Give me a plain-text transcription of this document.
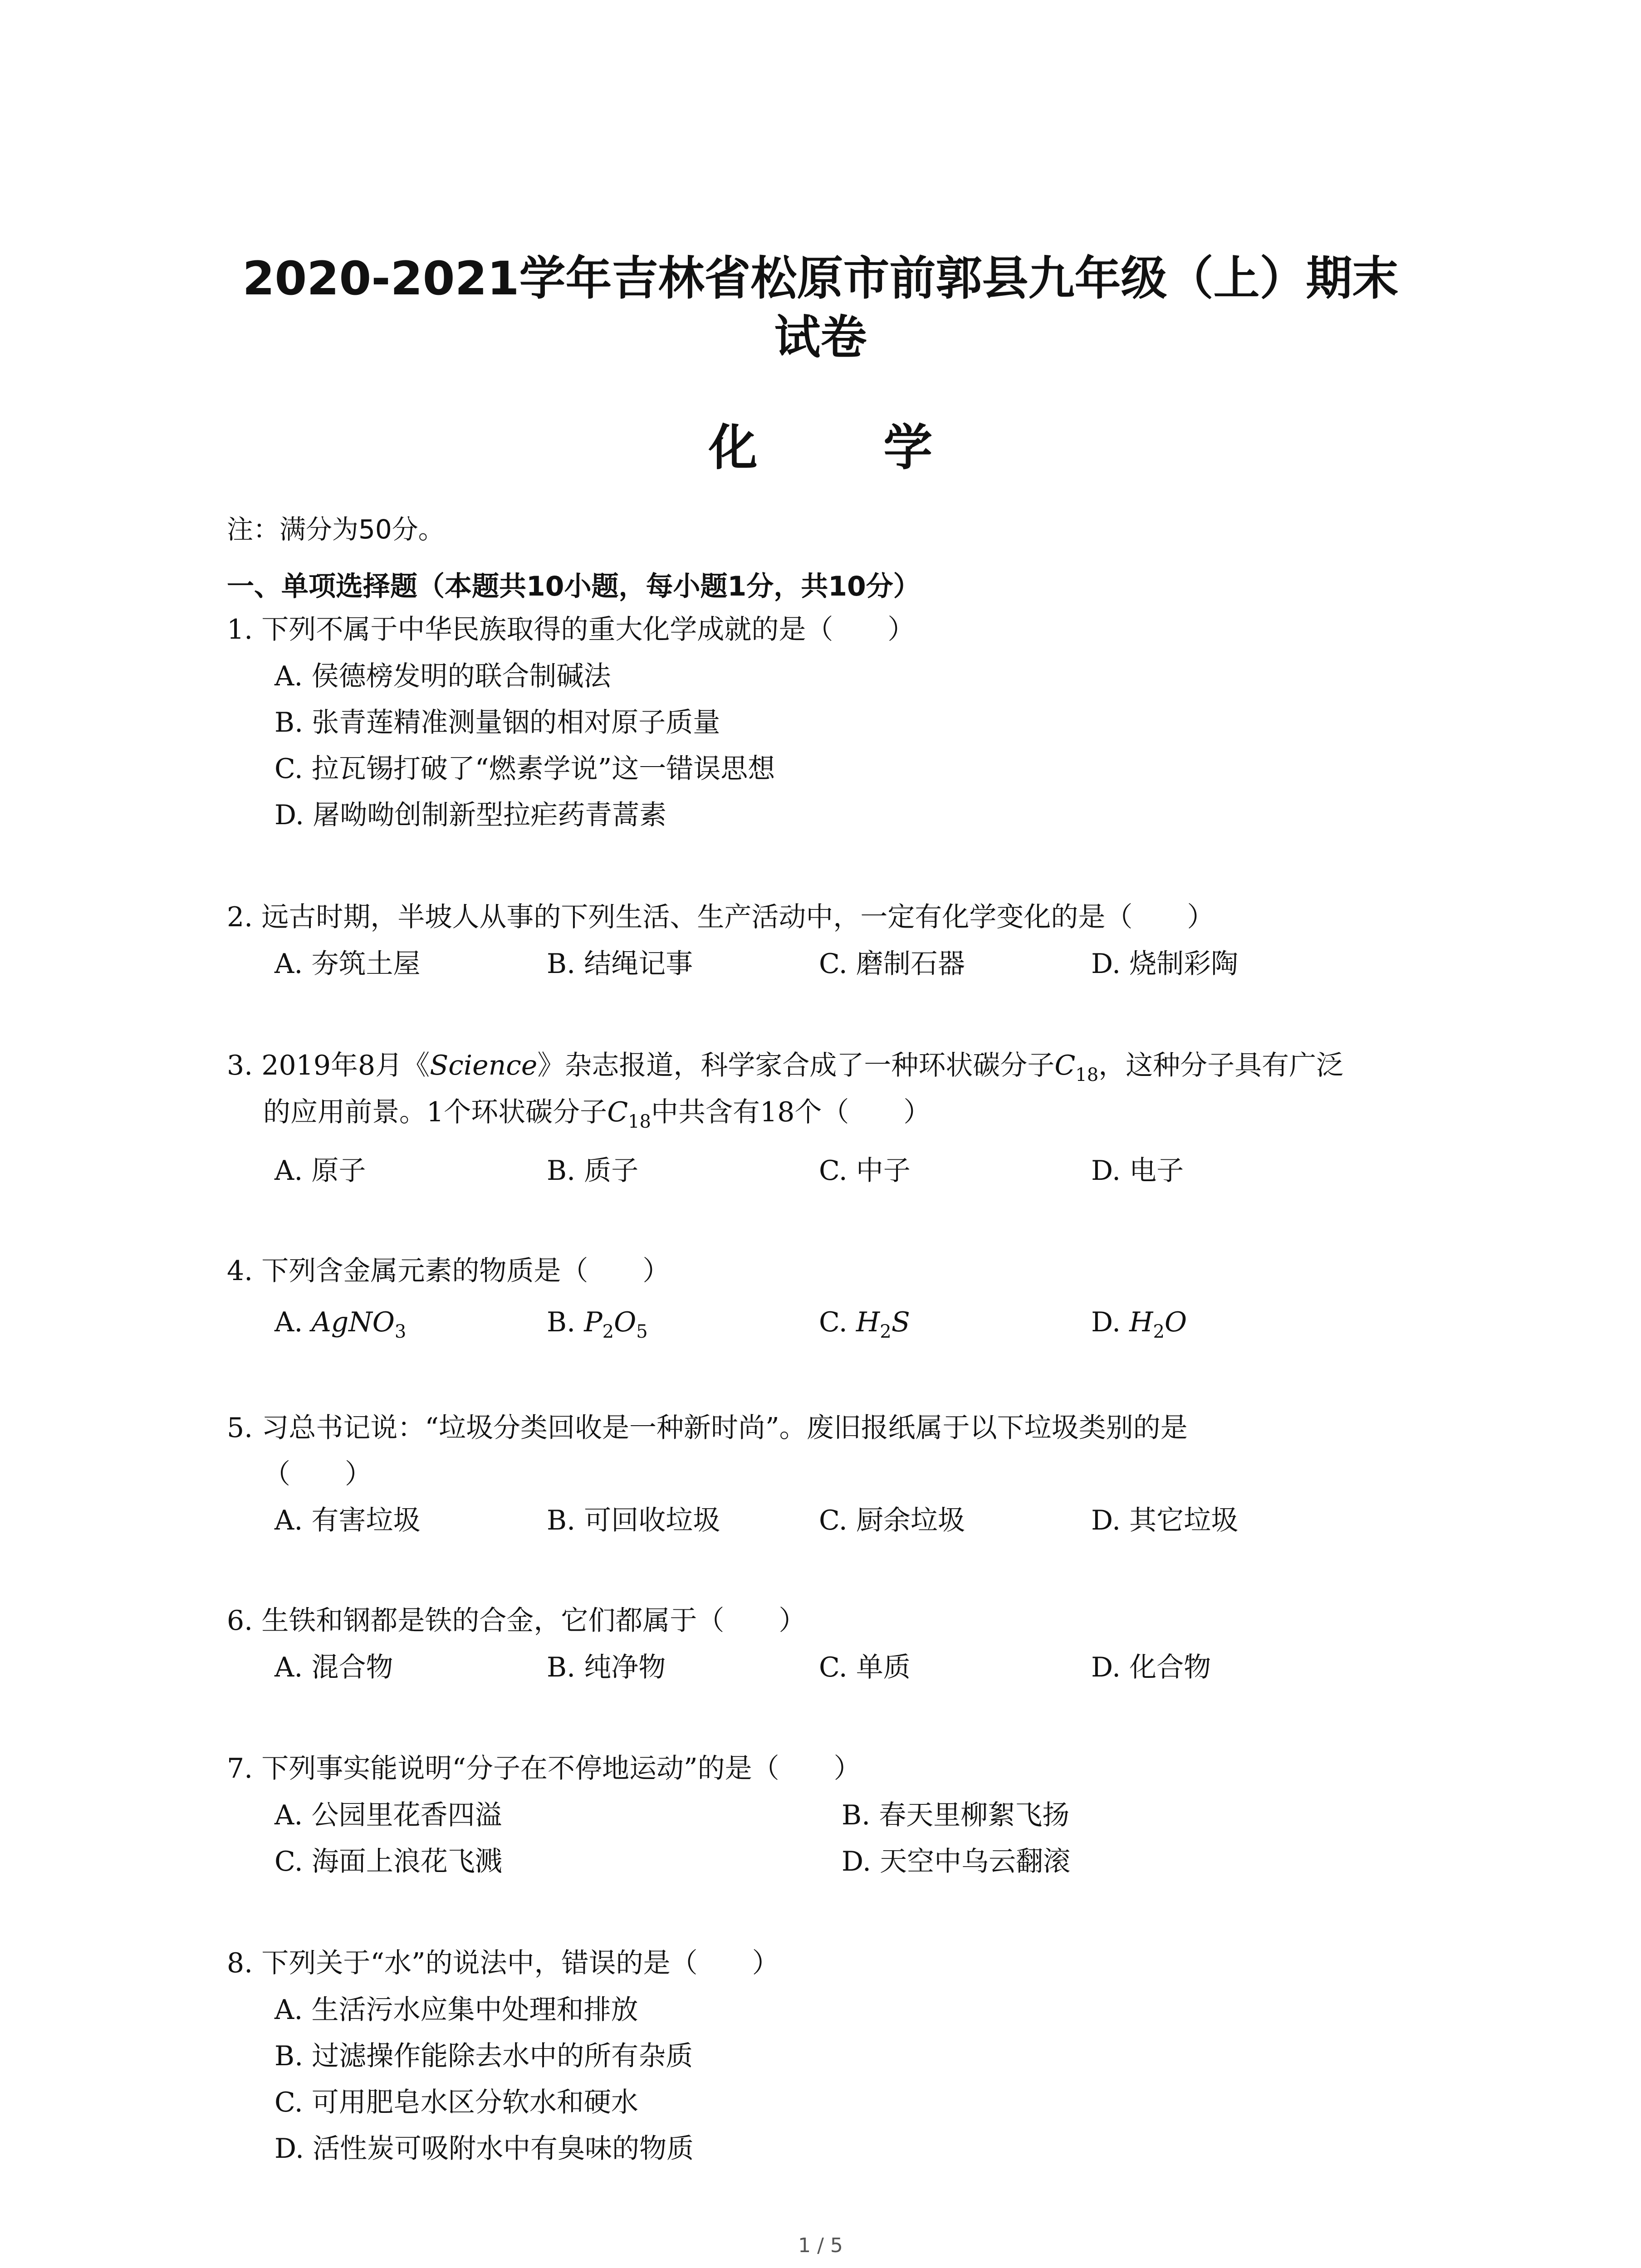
2020-2021学年吉林省松原市前郭县九年级（上）期末
试卷
化 学
注：满分为50分。
一、单项选择题（本题共10小题，每小题1分，共10分）
1. 下列不属于中华民族取得的重大化学成就的是（　　）
A. 侯德榜发明的联合制碱法
B. 张青莲精准测量铟的相对原子质量
C. 拉瓦锡打破了“燃素学说”这一错误思想
D. 屠呦呦创制新型拉疟药青蒿素
2. 远古时期，半坡人从事的下列生活、生产活动中，一定有化学变化的是（　　）
A. 夯筑土屋	B. 结绳记事	C. 磨制石器	D. 烧制彩陶
3. 2019年8月《Science》杂志报道，科学家合成了一种环状碳分子$C_{18}$，这种分子具有广泛
的应用前景。1个环状碳分子$C_{18}$中共含有18个（　　）
A. 原子	B. 质子	C. 中子	D. 电子
4. 下列含金属元素的物质是（　　）
A. AgNO$_3$	B. $P_2O_5$	C. $H_2S$	D. $H_2O$
5. 习总书记说：“垃圾分类回收是一种新时尚”。废旧报纸属于以下垃圾类别的是
（　　）
A. 有害垃圾	B. 可回收垃圾	C. 厨余垃圾	D. 其它垃圾
6. 生铁和钢都是铁的合金，它们都属于（　　）
A. 混合物	B. 纯净物	C. 单质	D. 化合物
7. 下列事实能说明“分子在不停地运动”的是（　　）
A. 公园里花香四溢	B. 春天里柳絮飞扬
C. 海面上浪花飞溅	D. 天空中乌云翻滚
8. 下列关于“水”的说法中，错误的是（　　）
A. 生活污水应集中处理和排放
B. 过滤操作能除去水中的所有杂质
C. 可用肥皂水区分软水和硬水
D. 活性炭可吸附水中有臭味的物质
1 / 5
